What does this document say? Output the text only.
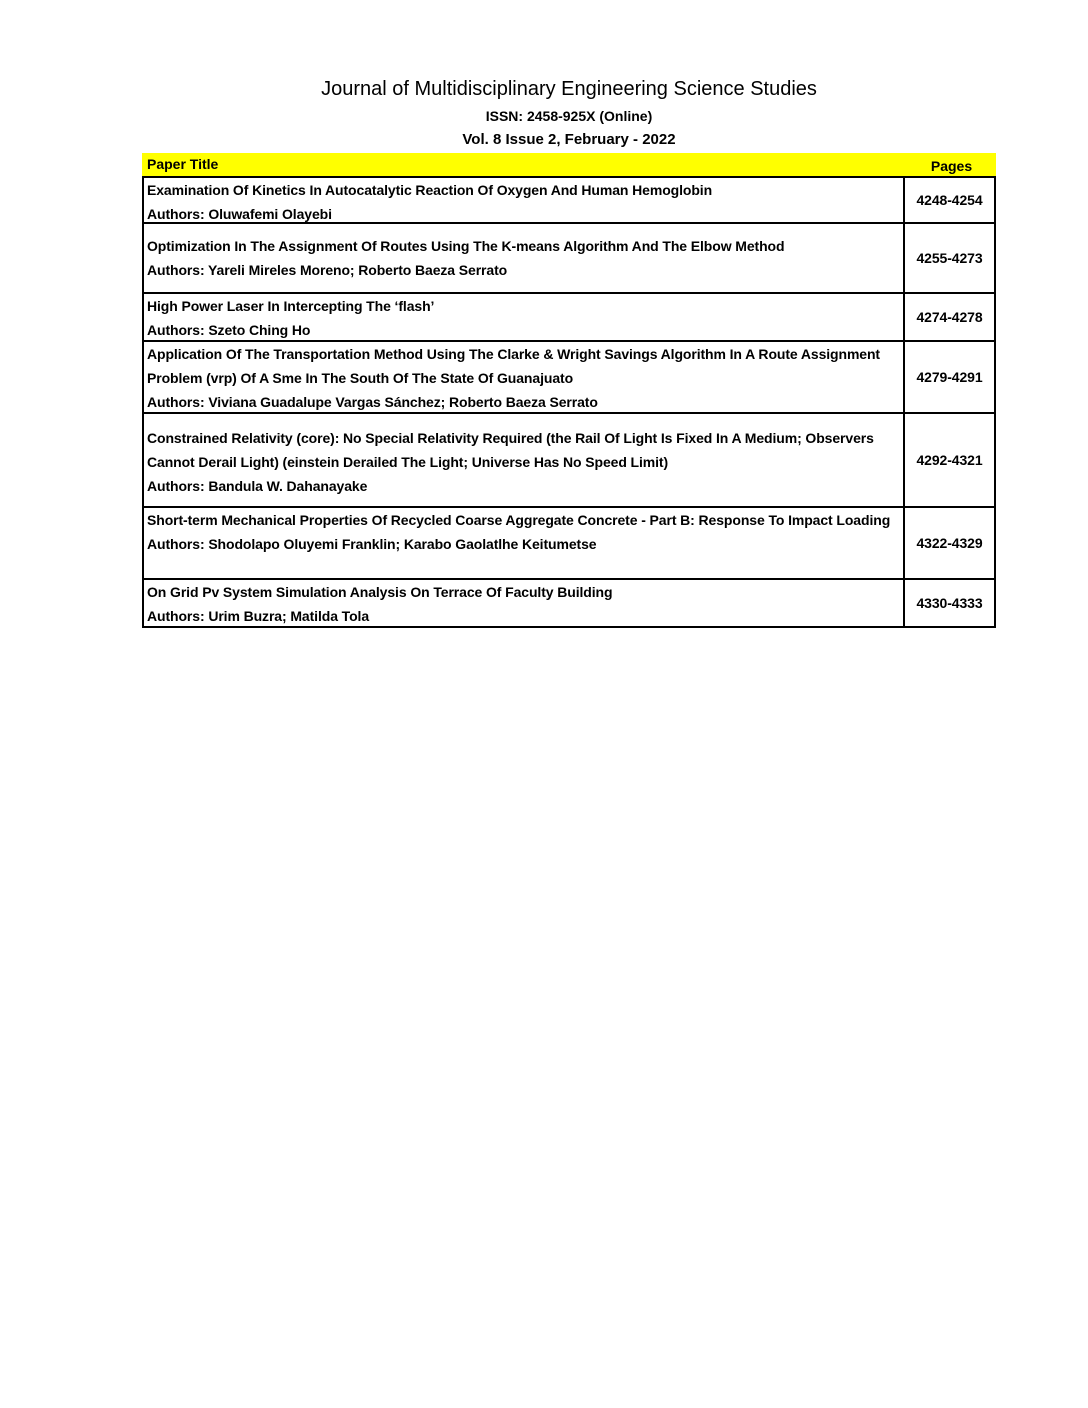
Journal of Multidisciplinary Engineering Science Studies
ISSN: 2458-925X (Online)
Vol. 8 Issue 2, February - 2022
Paper Title	Pages
Examination Of Kinetics In Autocatalytic Reaction Of Oxygen And Human Hemoglobin
Authors: Oluwafemi Olayebi
4248-4254
Optimization In The Assignment Of Routes Using The K-means Algorithm And The Elbow Method
Authors: Yareli Mireles Moreno; Roberto Baeza Serrato
4255-4273
High Power Laser In Intercepting The ‘flash’
Authors: Szeto Ching Ho
4274-4278
Application Of The Transportation Method Using The Clarke & Wright Savings Algorithm In A Route Assignment Problem (vrp) Of A Sme In The South Of The State Of Guanajuato
Authors: Viviana Guadalupe Vargas Sánchez; Roberto Baeza Serrato
4279-4291
Constrained Relativity (core): No Special Relativity Required (the Rail Of Light Is Fixed In A Medium; Observers Cannot Derail Light) (einstein Derailed The Light; Universe Has No Speed Limit)
Authors: Bandula W. Dahanayake
4292-4321
Short-term Mechanical Properties Of Recycled Coarse Aggregate Concrete - Part B: Response To Impact Loading
Authors: Shodolapo Oluyemi Franklin; Karabo Gaolatlhe Keitumetse	4322-4329
On Grid Pv System Simulation Analysis On Terrace Of Faculty Building
Authors: Urim Buzra; Matilda Tola
4330-4333
